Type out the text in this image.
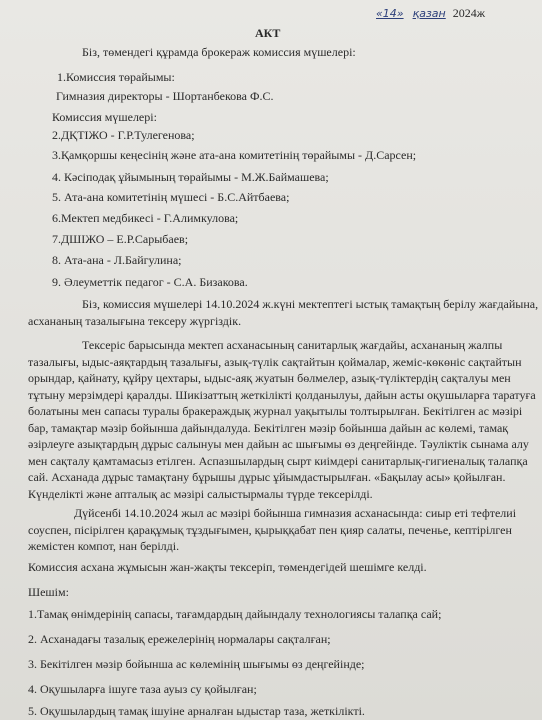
«14» қазан 2024ж
АКТ
Біз, төмендегі құрамда брокераж комиссия мүшелері:
1.Комиссия төрайымы:
Гимназия директоры - Шортанбекова Ф.С.
Комиссия мүшелері:
2.ДҚТІЖО - Г.Р.Тулегенова;
3.Қамқоршы кеңесінің және ата-ана комитетінің төрайымы - Д.Сарсен;
4. Кәсіподақ ұйымының төрайымы - М.Ж.Баймашева;
5. Ата-ана комитетінің мүшесі - Б.С.Айтбаева;
6.Мектеп медбикесі - Г.Алимкулова;
7.ДШІЖО – Е.Р.Сарыбаев;
8. Ата-ана - Л.Байгулина;
9. Әлеуметтік педагог - С.А. Бизакова.
Біз, комиссия мүшелері 14.10.2024 ж.күні мектептегі ыстық тамақтың берілу жағдайына,
асхананың тазалығына тексеру жүргіздік.
Тексеріс барысында мектеп асханасының санитарлық жағдайы, асхананың жалпы
тазалығы, ыдыс-аяқтардың тазалығы, азық-түлік сақтайтын қоймалар, жеміс-көкөніс сақтайтын
орындар, қайнату, құйру цехтары, ыдыс-аяқ жуатын бөлмелер, азық-түліктердің сақталуы мен
тұтыну мерзімдері қаралды. Шикізаттың жеткілікті қолданылуы, дайын асты оқушыларға таратуға
болатыны мен сапасы туралы бракераждық журнал уақытылы толтырылған. Бекітілген ас мәзірі
бар, тамақтар мәзір бойынша дайындалуда. Бекітілген мәзір бойынша дайын ас көлемі, тамақ
әзірлеуге азықтардың дұрыс салынуы мен дайын ас шығымы өз деңгейінде. Тәуліктік сынама алу
мен сақталу қамтамасыз етілген. Аспазшылардың сырт киімдері санитарлық-гигиеналық талапқа
сай. Асханада дұрыс тамақтану бұрышы дұрыс ұйымдастырылған. «Бақылау асы» қойылған.
Күнделікті және апталық ас мәзірі салыстырмалы түрде тексерілді.
Дүйсенбі 14.10.2024 жыл ас мәзірі бойынша гимназия асханасында: сиыр еті тефтелиі
соуспен, пісірілген қарақұмық тұздығымен, қырыққабат пен қияр салаты, печенье, кептірілген
жемістен компот, нан берілді.
Комиссия асхана жұмысын жан-жақты тексеріп, төмендегідей шешімге келді.
Шешім:
1.Тамақ өнімдерінің сапасы, тағамдардың дайындалу технологиясы талапқа сай;
2. Асханадағы тазалық ережелерінің нормалары сақталған;
3. Бекітілген мәзір бойынша ас көлемінің шығымы өз деңгейінде;
4. Оқушыларға ішуге таза ауыз су қойылған;
5. Оқушылардың тамақ ішуіне арналған ыдыстар таза, жеткілікті.
